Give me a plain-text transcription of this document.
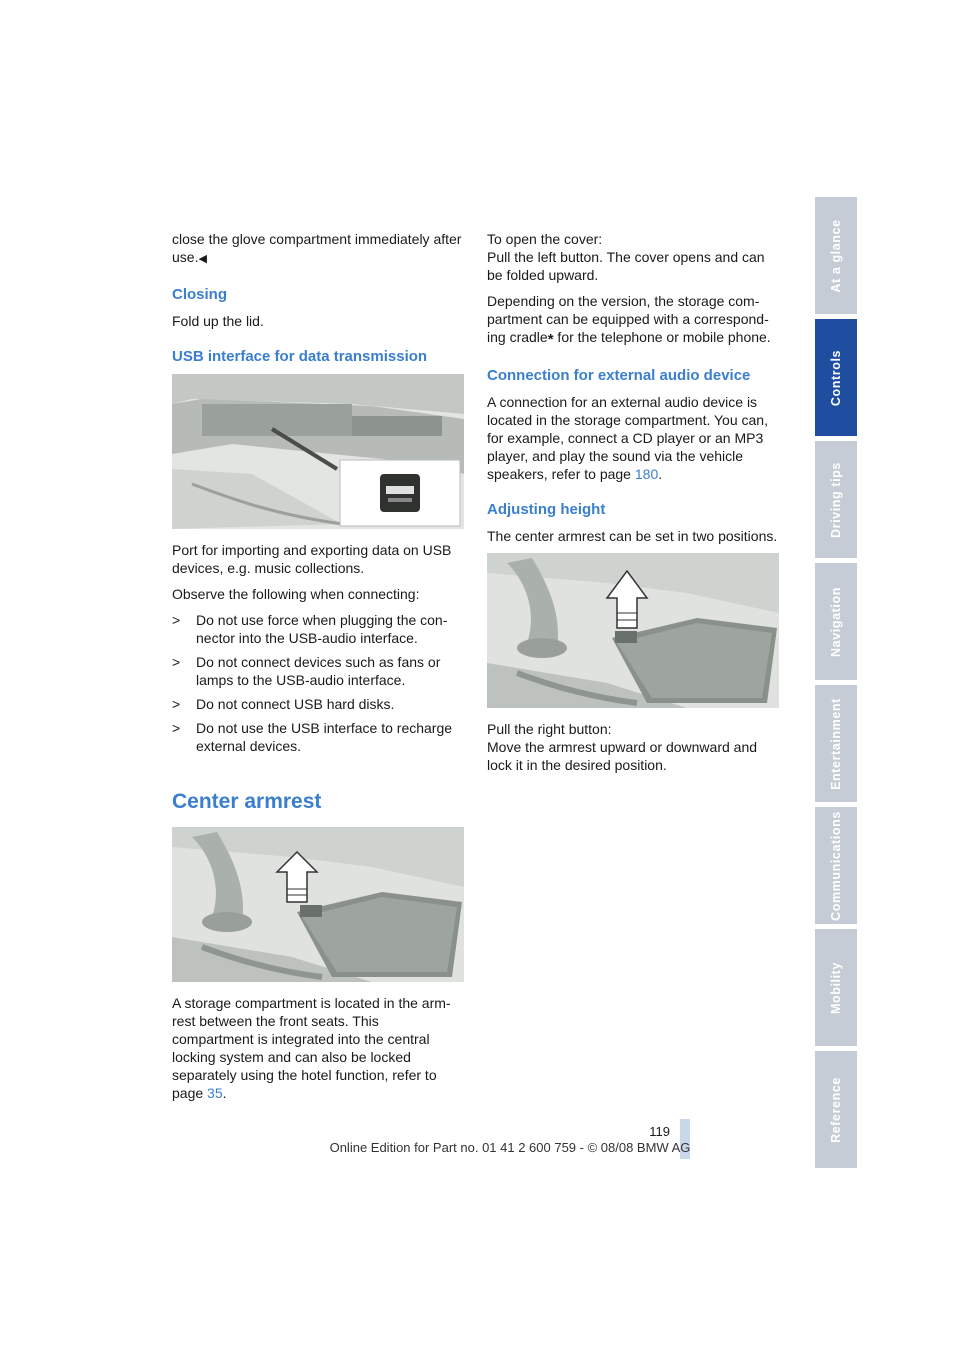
close the glove compartment immediately after use.◀

Closing

Fold up the lid.

USB interface for data transmission

Port for importing and exporting data on USB devices, e.g. music collections.

Observe the following when connecting:

> Do not use force when plugging the con-nector into the USB-audio interface.
> Do not connect devices such as fans or lamps to the USB-audio interface.
> Do not connect USB hard disks.
> Do not use the USB interface to recharge external devices.
Center armrest

A storage compartment is located in the arm-rest between the front seats. This compartment is integrated into the central locking system and can also be locked separately using the hotel function, refer to page 35.

To open the cover:
Pull the left button. The cover opens and can be folded upward.

Depending on the version, the storage com-partment can be equipped with a correspond-ing cradle* for the telephone or mobile phone.

Connection for external audio device

A connection for an external audio device is located in the storage compartment. You can, for example, connect a CD player or an MP3 player, and play the sound via the vehicle speakers, refer to page 180.

Adjusting height

The center armrest can be set in two positions.

Pull the right button:
Move the armrest upward or downward and lock it in the desired position.

At a glance
Controls
Driving tips
Navigation
Entertainment
Communications
Mobility
Reference
119
Online Edition for Part no. 01 41 2 600 759 - © 08/08 BMW AG
